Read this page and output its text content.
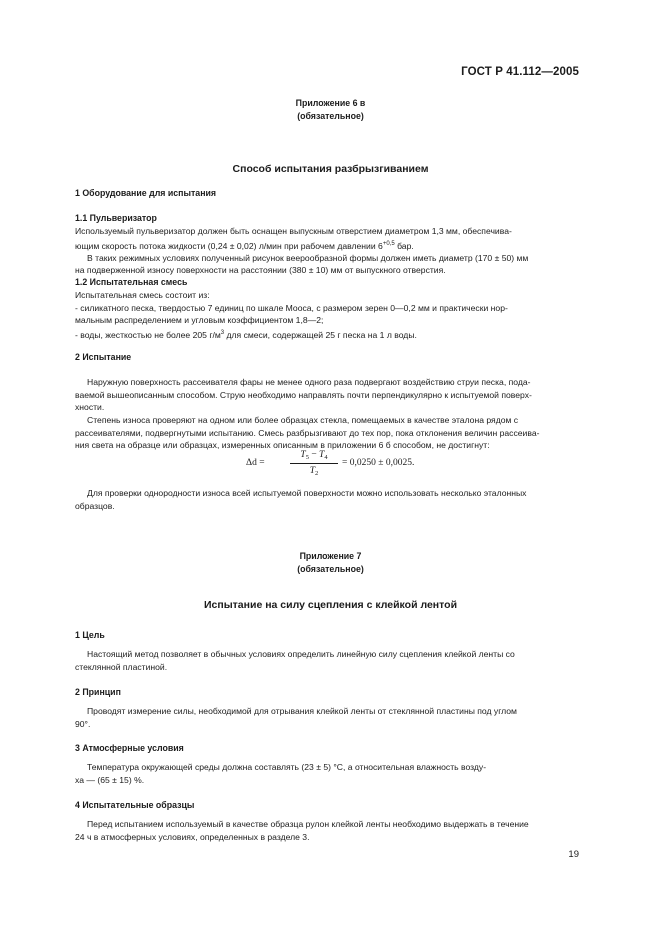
ГОСТ Р 41.112—2005
Приложение 6 в
(обязательное)
Способ испытания разбрызгиванием
1 Оборудование для испытания
1.1 Пульверизатор
Используемый пульверизатор должен быть оснащен выпускным отверстием диаметром 1,3 мм, обеспечива-
ющим скорость потока жидкости (0,24 ± 0,02) л/мин при рабочем давлении $6^{+0,5}$ бар.
В таких режимных условиях полученный рисунок веерообразной формы должен иметь диаметр (170 ± 50) мм
на подверженной износу поверхности на расстоянии (380 ± 10) мм от выпускного отверстия.
1.2 Испытательная смесь
Испытательная смесь состоит из:
- силикатного песка, твердостью 7 единиц по шкале Мооса, с размером зерен 0—0,2 мм и практически нор-
мальным распределением и угловым коэффициентом 1,8—2;
- воды, жесткостью не более 205 $г/м^3$ для смеси, содержащей 25 г песка на 1 л воды.
2 Испытание
Наружную поверхность рассеивателя фары не менее одного раза подвергают воздействию струи песка, пода-
ваемой вышеописанным способом. Струю необходимо направлять почти перпендикулярно к испытуемой поверх-
хности.
Степень износа проверяют на одном или более образцах стекла, помещаемых в качестве эталона рядом с
рассеивателями, подвергнутыми испытанию. Смесь разбрызгивают до тех пор, пока отклонения величин рассеива-
ния света на образце или образцах, измеренных описанным в приложении 6 б способом, не достигнут:
Δd =	$\frac{T_5 - T_4}{T_2} = 0,0250 \pm 0,0025$.
Для проверки однородности износа всей испытуемой поверхности можно использовать несколько эталонных
образцов.
Приложение 7
(обязательное)
Испытание на силу сцепления с клейкой лентой
1 Цель
Настоящий метод позволяет в обычных условиях определить линейную силу сцепления клейкой ленты со
стеклянной пластиной.
2 Принцип
Проводят измерение силы, необходимой для отрывания клейкой ленты от стеклянной пластины под углом
90°.
3 Атмосферные условия
Температура окружающей среды должна составлять (23 ± 5) °С, а относительная влажность возду-
ха — (65 ± 15) %.
4 Испытательные образцы
Перед испытанием используемый в качестве образца рулон клейкой ленты необходимо выдержать в течение
24 ч в атмосферных условиях, определенных в разделе 3.
19
